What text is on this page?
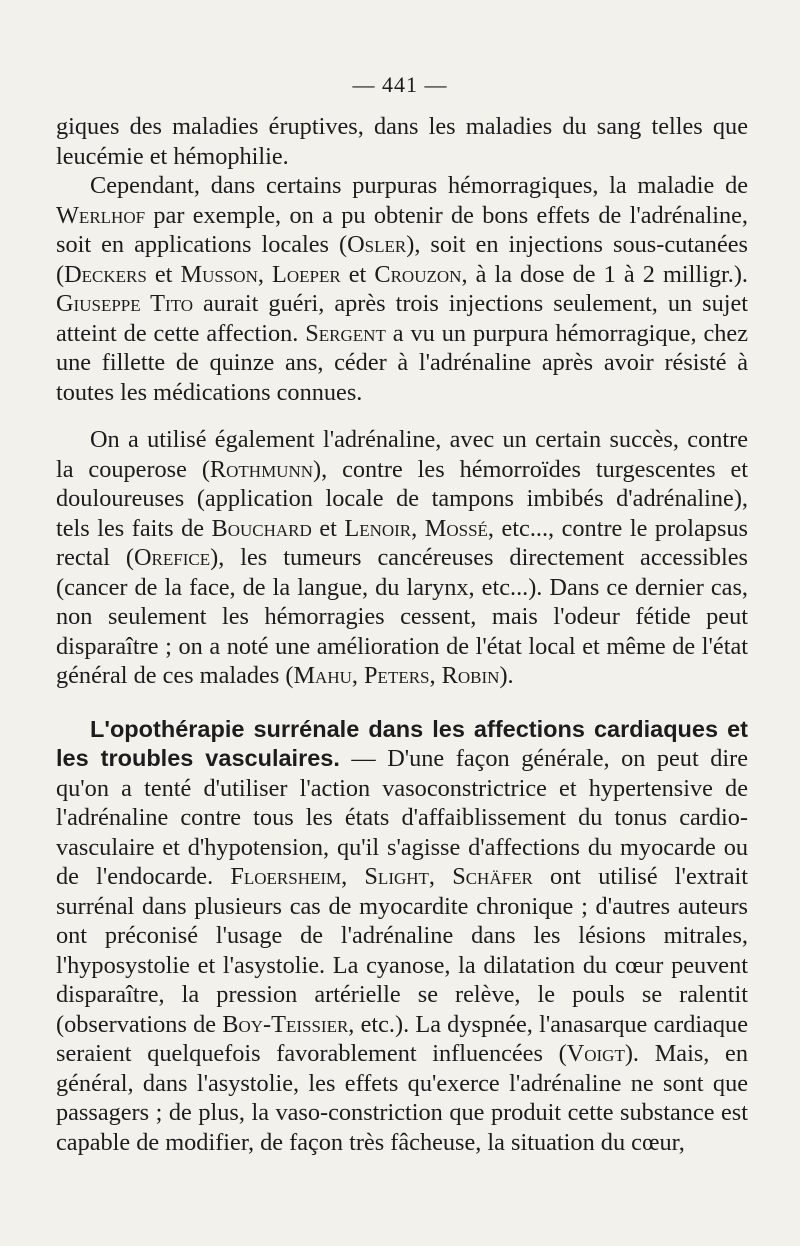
— 441 —

giques des maladies éruptives, dans les maladies du sang telles que leucémie et hémophilie.

Cependant, dans certains purpuras hémorragiques, la maladie de Werlhof par exemple, on a pu obtenir de bons effets de l'adrénaline, soit en applications locales (Osler), soit en injections sous-cutanées (Deckers et Musson, Loeper et Crouzon, à la dose de 1 à 2 milligr.). Giuseppe Tito aurait guéri, après trois injections seulement, un sujet atteint de cette affection. Sergent a vu un purpura hémorragique, chez une fillette de quinze ans, céder à l'adrénaline après avoir résisté à toutes les médications connues.

On a utilisé également l'adrénaline, avec un certain succès, contre la couperose (Rothmunn), contre les hémorroïdes turgescentes et douloureuses (application locale de tampons imbibés d'adrénaline), tels les faits de Bouchard et Lenoir, Mossé, etc..., contre le prolapsus rectal (Orefice), les tumeurs cancéreuses directement accessibles (cancer de la face, de la langue, du larynx, etc...). Dans ce dernier cas, non seulement les hémorragies cessent, mais l'odeur fétide peut disparaître ; on a noté une amélioration de l'état local et même de l'état général de ces malades (Mahu, Peters, Robin).

L'opothérapie surrénale dans les affections cardiaques et les troubles vasculaires. — D'une façon générale, on peut dire qu'on a tenté d'utiliser l'action vasoconstrictrice et hypertensive de l'adrénaline contre tous les états d'affaiblissement du tonus cardio-vasculaire et d'hypotension, qu'il s'agisse d'affections du myocarde ou de l'endocarde. Floersheim, Slight, Schäfer ont utilisé l'extrait surrénal dans plusieurs cas de myocardite chronique ; d'autres auteurs ont préconisé l'usage de l'adrénaline dans les lésions mitrales, l'hyposystolie et l'asystolie. La cyanose, la dilatation du cœur peuvent disparaître, la pression artérielle se relève, le pouls se ralentit (observations de Boy-Teissier, etc.). La dyspnée, l'anasarque cardiaque seraient quelquefois favorablement influencées (Voigt). Mais, en général, dans l'asystolie, les effets qu'exerce l'adrénaline ne sont que passagers ; de plus, la vaso-constriction que produit cette substance est capable de modifier, de façon très fâcheuse, la situation du cœur,
